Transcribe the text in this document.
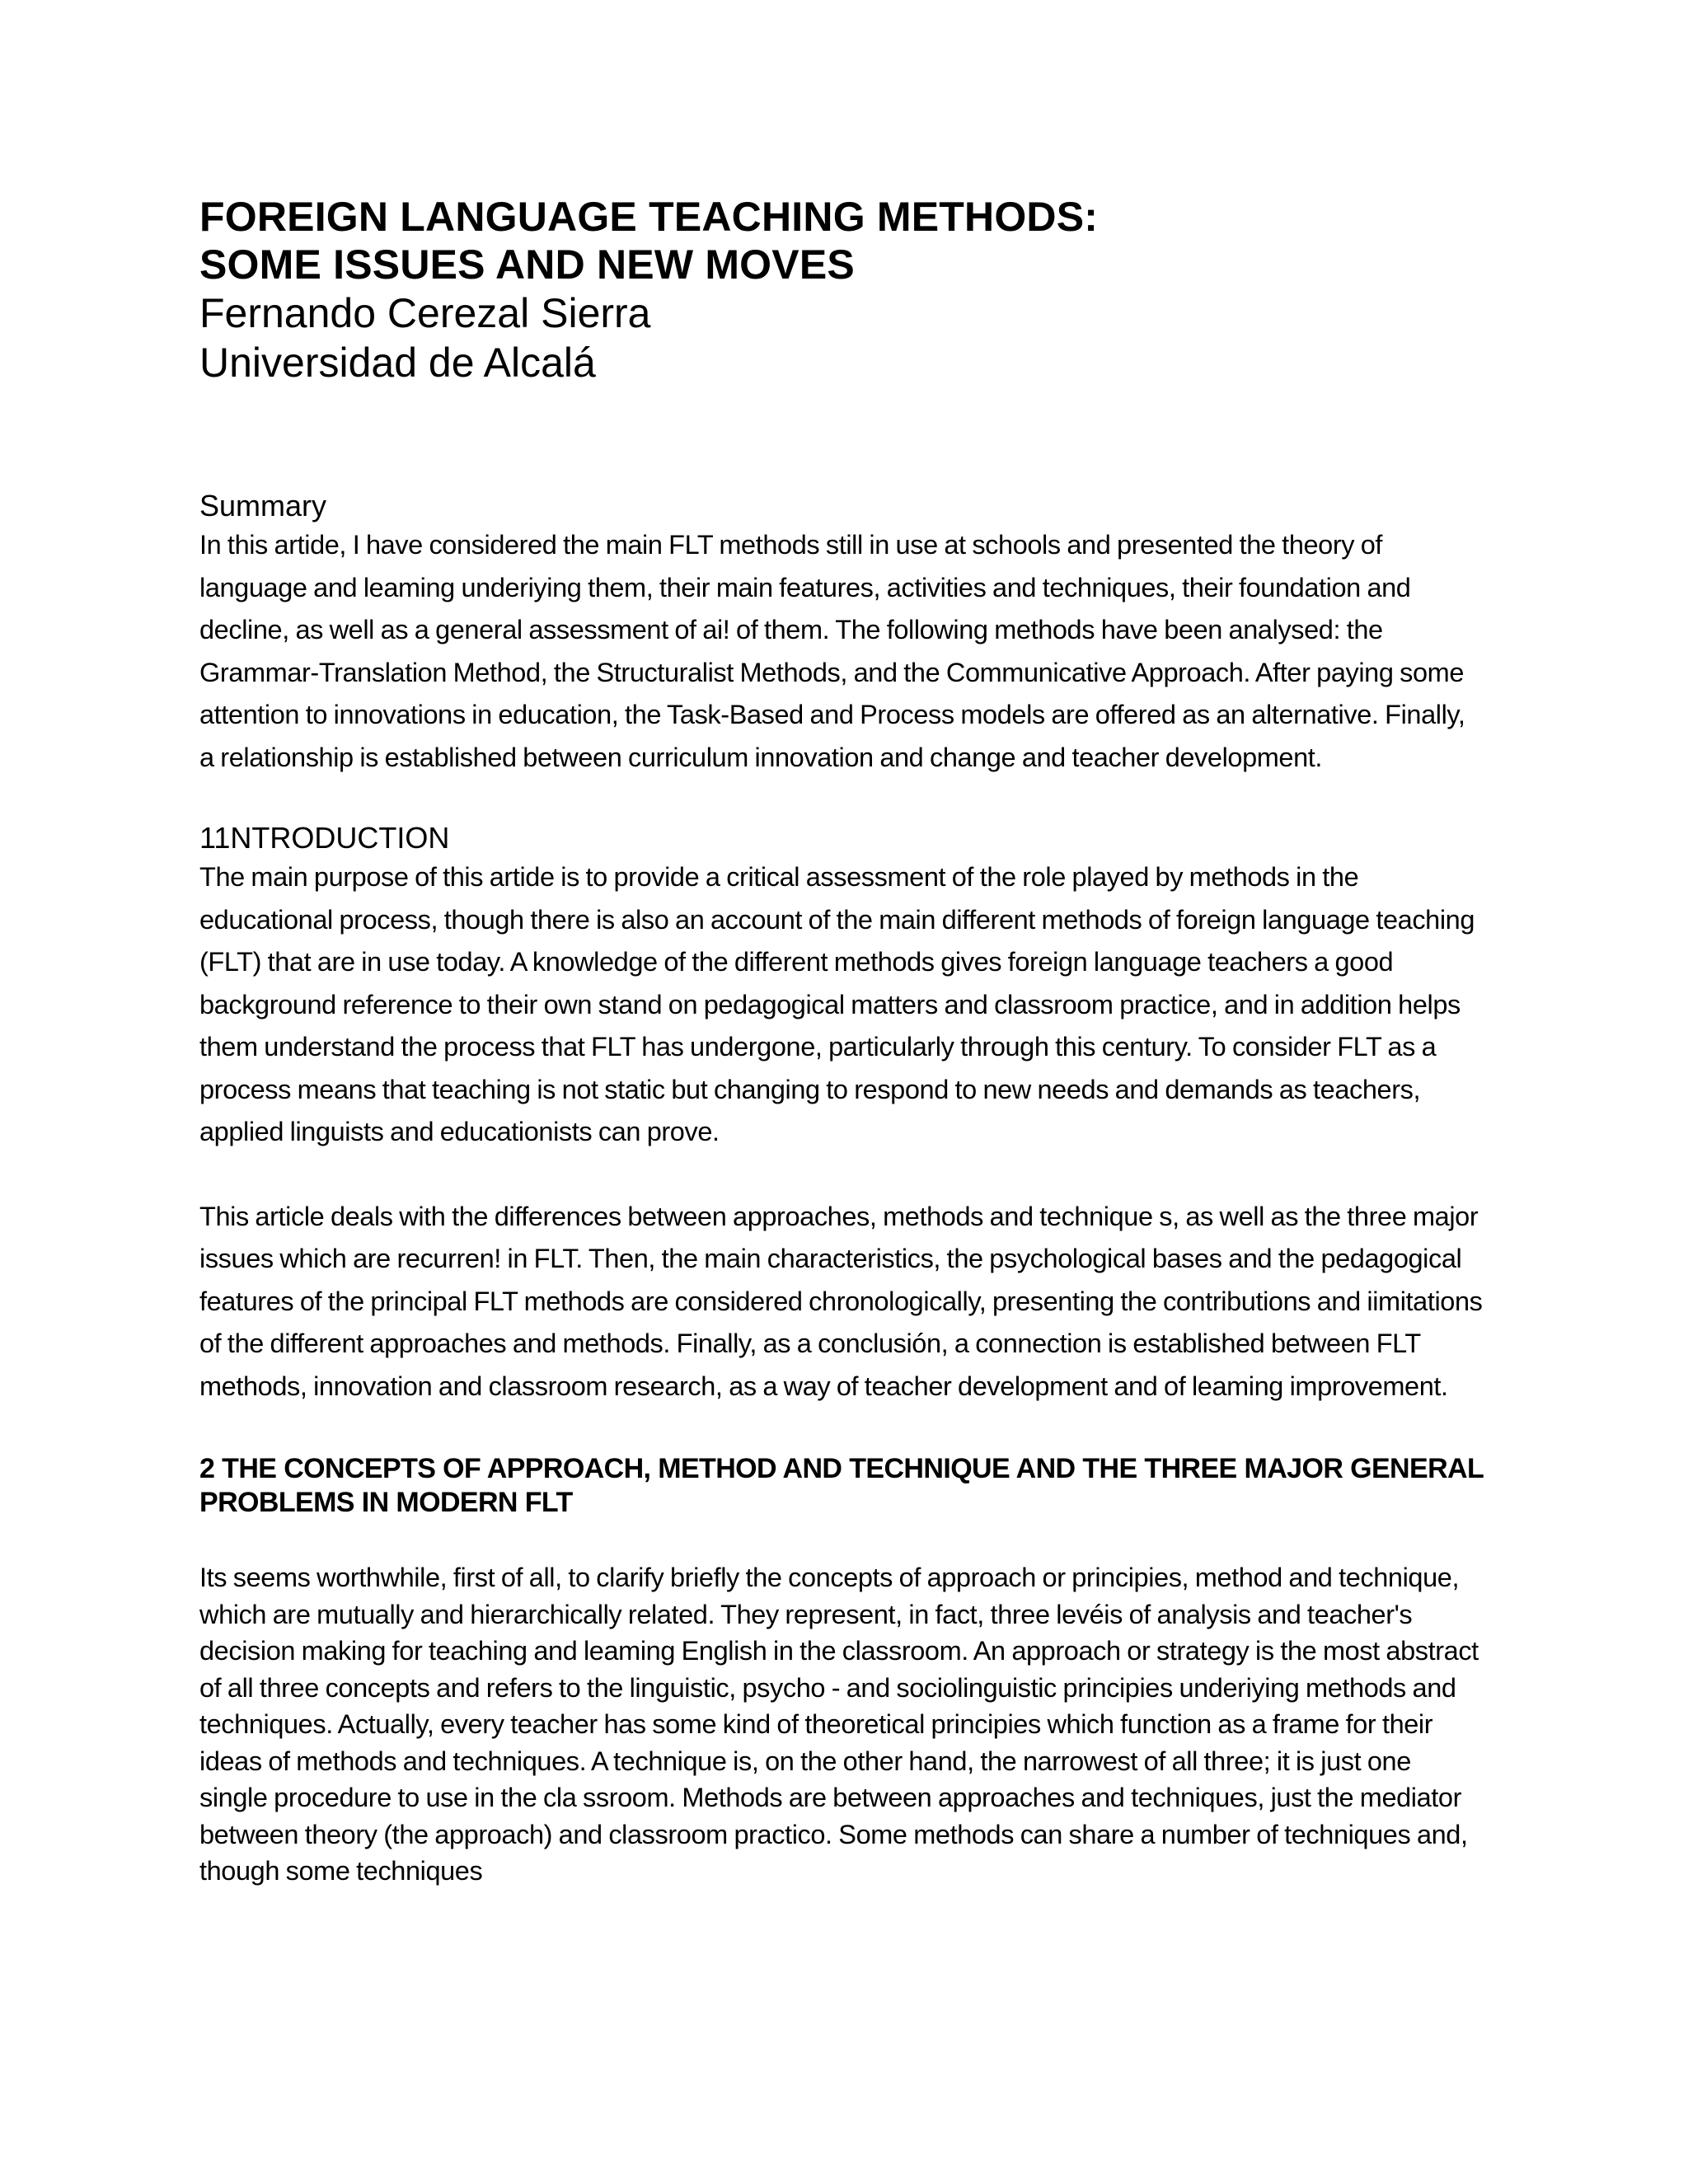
FOREIGN LANGUAGE TEACHING METHODS:
SOME ISSUES AND NEW MOVES
Fernando Cerezal Sierra
Universidad de Alcalá
Summary

In this artide, I have considered the main FLT methods still in use at schools and presented the theory of language and leaming underiying them, their main features, activities and techniques, their foundation and decline, as well as a general assessment of ai! of them. The following methods have been analysed: the Grammar-Translation Method, the Structuralist Methods, and the Communicative Approach. After paying some attention to innovations in education, the Task-Based and Process models are offered as an alternative. Finally, a relationship is established between curriculum innovation and change and teacher development.

11NTRODUCTION

The main purpose of this artide is to provide a critical assessment of the role played by methods in the educational process, though there is also an account of the main different methods of foreign language teaching (FLT) that are in use today. A knowledge of the different methods gives foreign language teachers a good background reference to their own stand on pedagogical matters and classroom practice, and in addition helps them understand the process that FLT has undergone, particularly through this century. To consider FLT as a process means that teaching is not static but changing to respond to new needs and demands as teachers, applied linguists and educationists can prove.

This article deals with the differences between approaches, methods and technique s, as well as the three major issues which are recurren! in FLT. Then, the main characteristics, the psychological bases and the pedagogical features of the principal FLT methods are considered chronologically, presenting the contributions and iimitations of the different approaches and methods. Finally, as a conclusión, a connection is established between FLT methods, innovation and classroom research, as a way of teacher development and of leaming improvement.

2 THE CONCEPTS OF APPROACH, METHOD AND TECHNIQUE AND THE THREE MAJOR GENERAL PROBLEMS IN MODERN FLT

Its seems worthwhile, first of all, to clarify briefly the concepts of approach or principies, method and technique, which are mutually and hierarchically related. They represent, in fact, three levéis of analysis and teacher's decision making for teaching and leaming English in the classroom. An approach or strategy is the most abstract of all three concepts and refers to the linguistic, psycho - and sociolinguistic principies underiying methods and techniques. Actually, every teacher has some kind of theoretical principies which function as a frame for their ideas of methods and techniques. A technique is, on the other hand, the narrowest of all three; it is just one single procedure to use in the cla ssroom. Methods are between approaches and techniques, just the mediator between theory (the approach) and classroom practico. Some methods can share a number of techniques and, though some techniques
